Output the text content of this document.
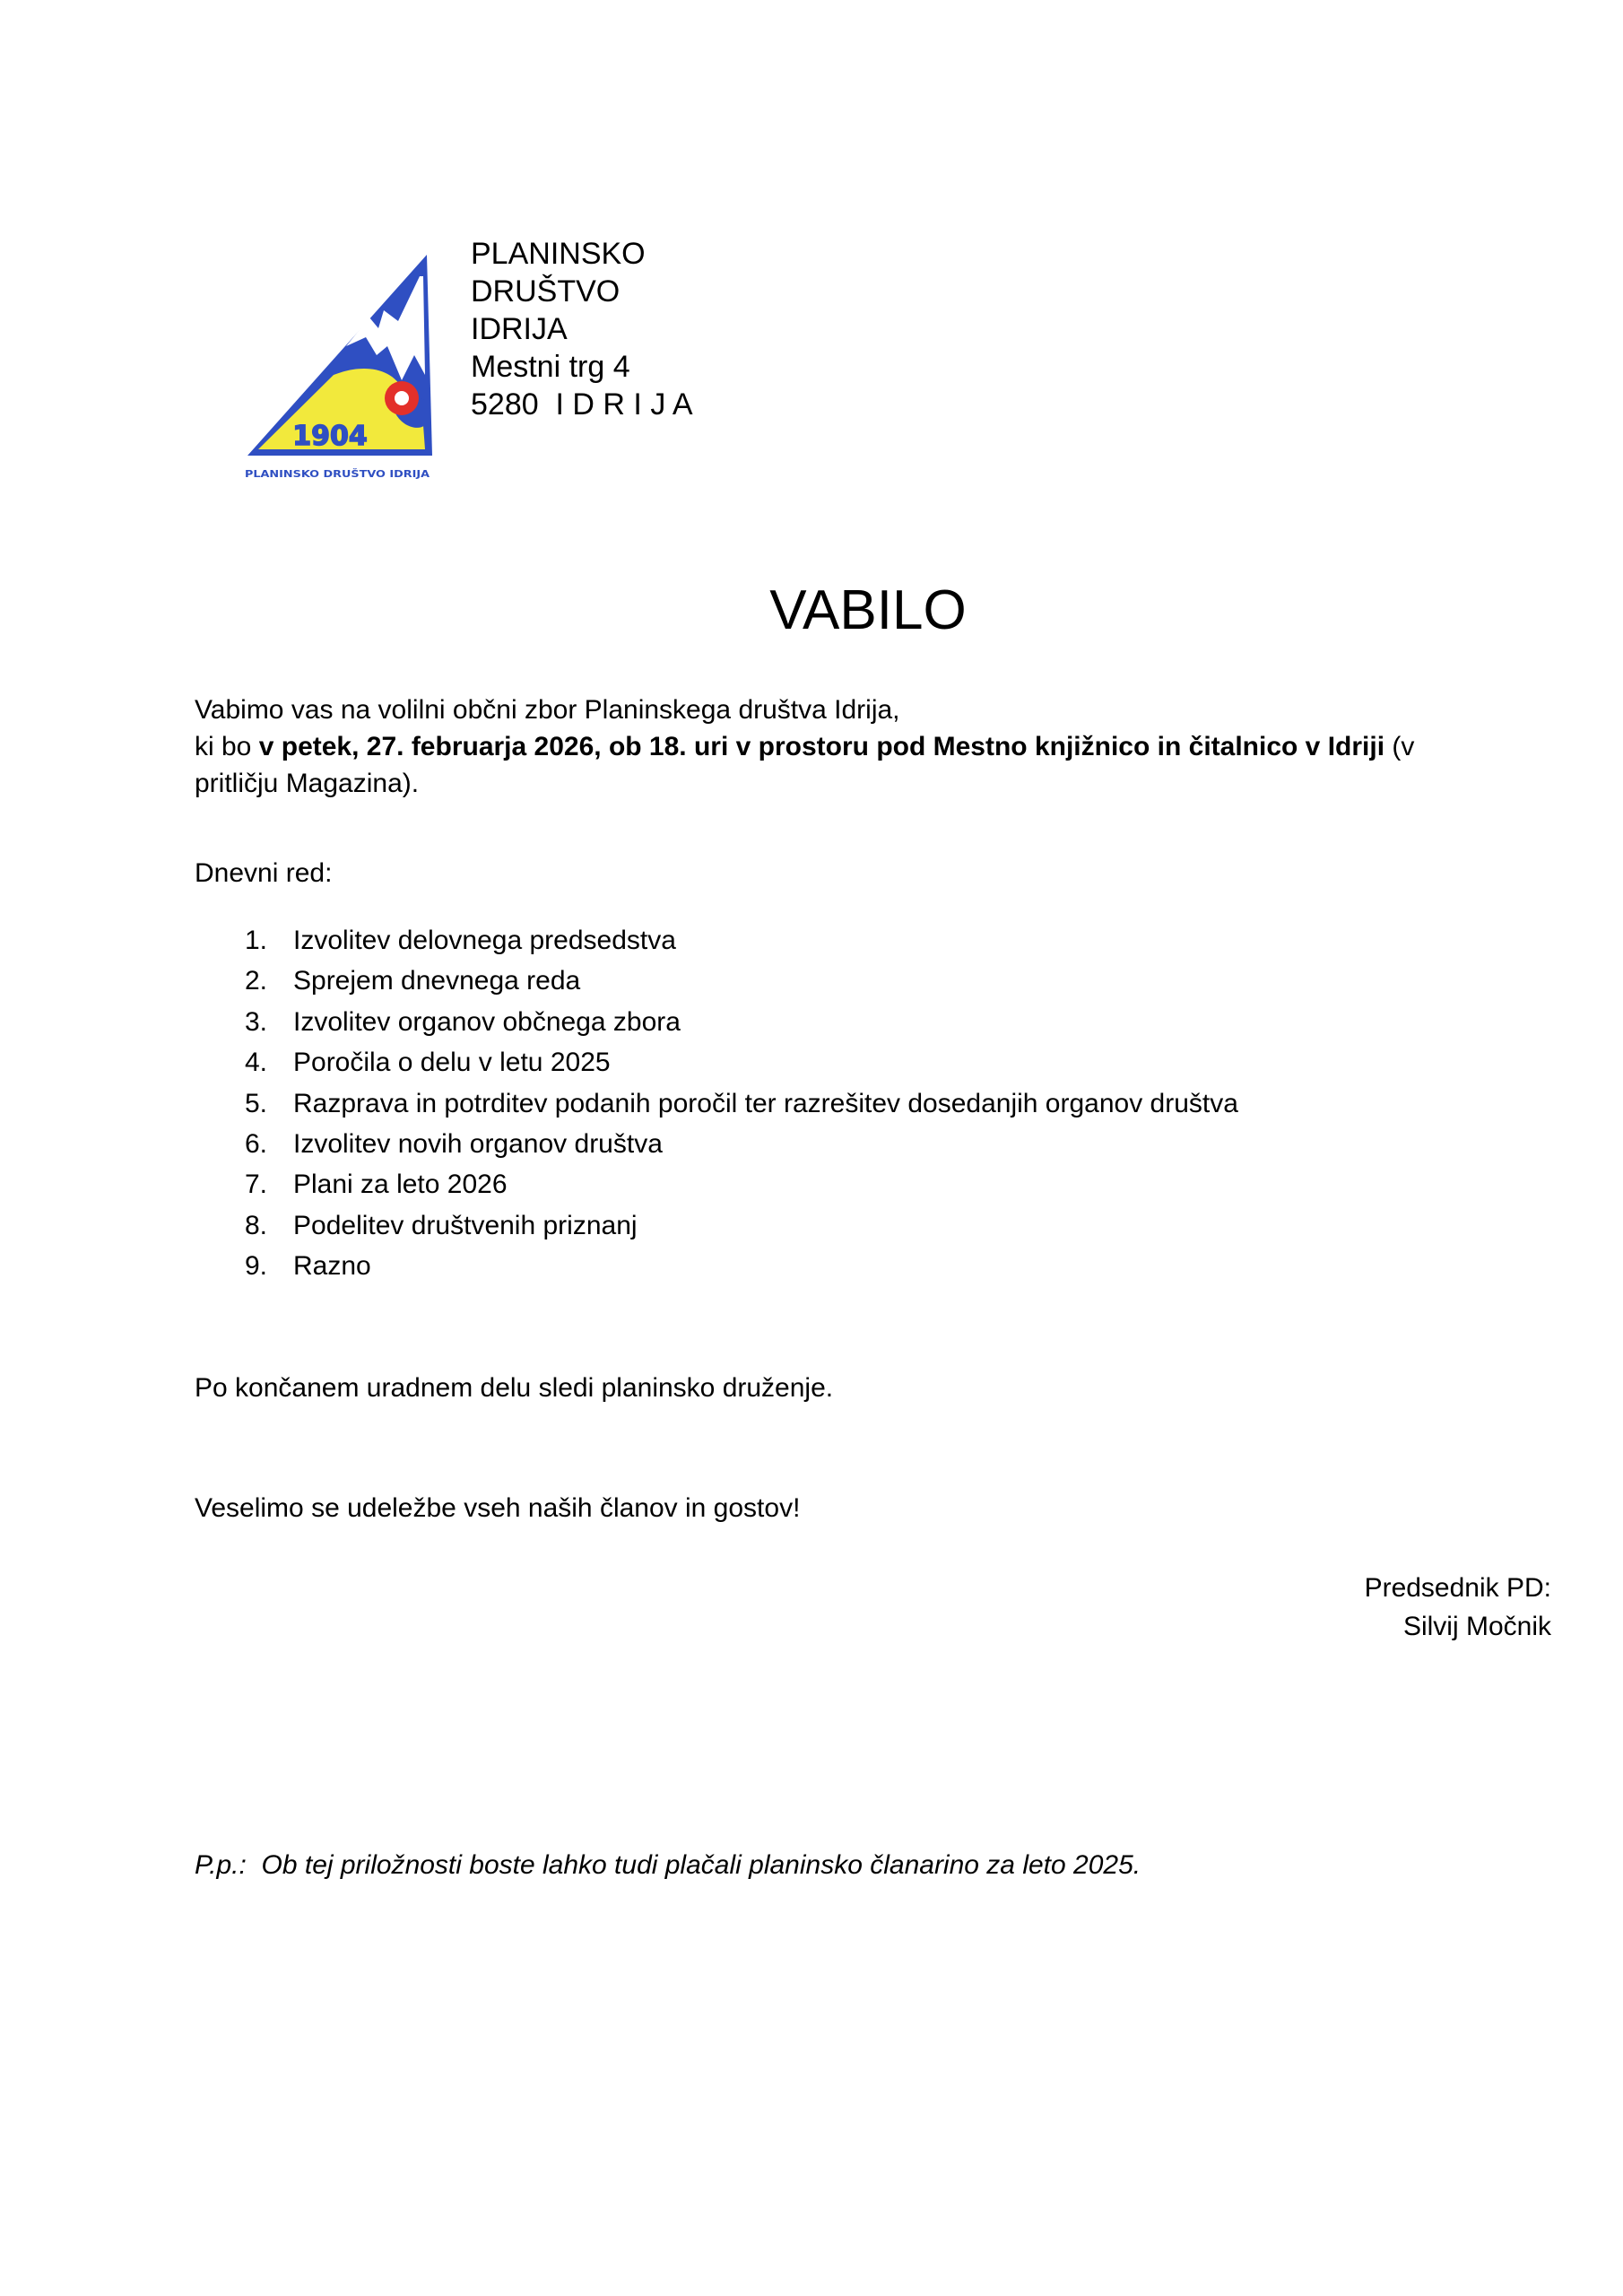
1904
PLANINSKO DRUŠTVO IDRIJA
PLANINSKO
DRUŠTVO
IDRIJA
Mestni trg 4
5280  I D R I J A
VABILO
Vabimo vas na volilni občni zbor Planinskega društva Idrija,
ki bo v petek, 27. februarja 2026, ob 18. uri v prostoru pod Mestno knjižnico in čitalnico v Idriji (v
pritličju Magazina).
Dnevni red:
1. Izvolitev delovnega predsedstva
2. Sprejem dnevnega reda
3. Izvolitev organov občnega zbora
4. Poročila o delu v letu 2025
5. Razprava in potrditev podanih poročil ter razrešitev dosedanjih organov društva
6. Izvolitev novih organov društva
7. Plani za leto 2026
8. Podelitev društvenih priznanj
9. Razno
Po končanem uradnem delu sledi planinsko druženje.
Veselimo se udeležbe vseh naših članov in gostov!
Predsednik PD:
Silvij Močnik
P.p.:  Ob tej priložnosti boste lahko tudi plačali planinsko članarino za leto 2025.
